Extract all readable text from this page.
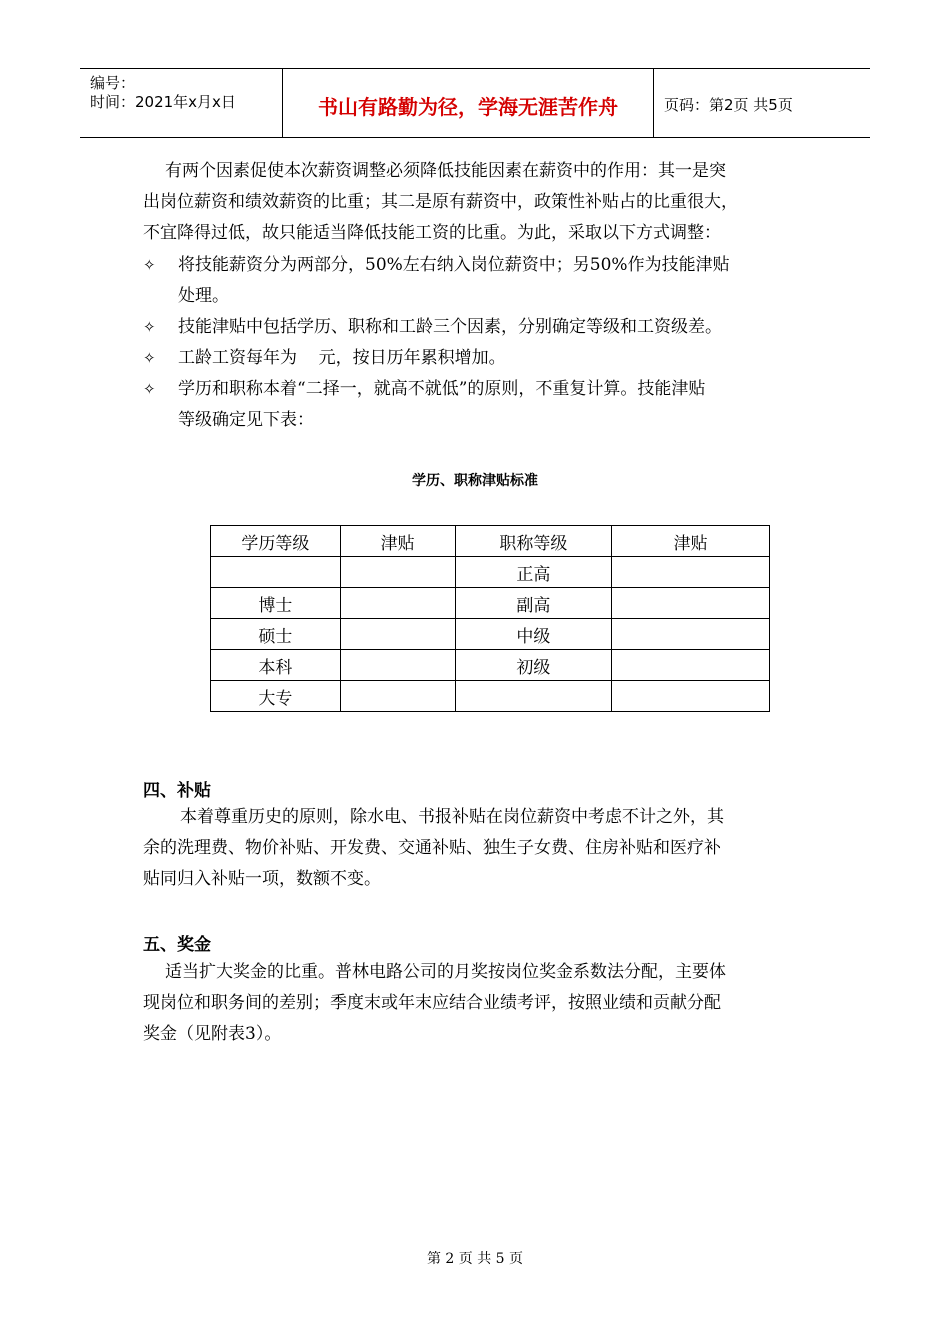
编号：
时间：2021年x月x日	书山有路勤为径，学海无涯苦作舟	页码：第2页 共5页
有两个因素促使本次薪资调整必须降低技能因素在薪资中的作用：其一是突
出岗位薪资和绩效薪资的比重；其二是原有薪资中，政策性补贴占的比重很大，
不宜降得过低，故只能适当降低技能工资的比重。为此，采取以下方式调整：
✧	将技能薪资分为两部分，50%左右纳入岗位薪资中；另50%作为技能津贴
处理。
✧	技能津贴中包括学历、职称和工龄三个因素，分别确定等级和工资级差。
✧	工龄工资每年为    元，按日历年累积增加。
✧	学历和职称本着“二择一，就高不就低”的原则，不重复计算。技能津贴
等级确定见下表：
学历、职称津贴标准
学历等级	津贴	职称等级	津贴
		正高	
博士		副高	
硕士		中级	
本科		初级	
大专			
四、补贴
本着尊重历史的原则，除水电、书报补贴在岗位薪资中考虑不计之外，其
余的洗理费、物价补贴、开发费、交通补贴、独生子女费、住房补贴和医疗补
贴同归入补贴一项，数额不变。
五、奖金
适当扩大奖金的比重。普林电路公司的月奖按岗位奖金系数法分配，主要体
现岗位和职务间的差别；季度末或年末应结合业绩考评，按照业绩和贡献分配
奖金（见附表3）。
第 2 页 共 5 页
